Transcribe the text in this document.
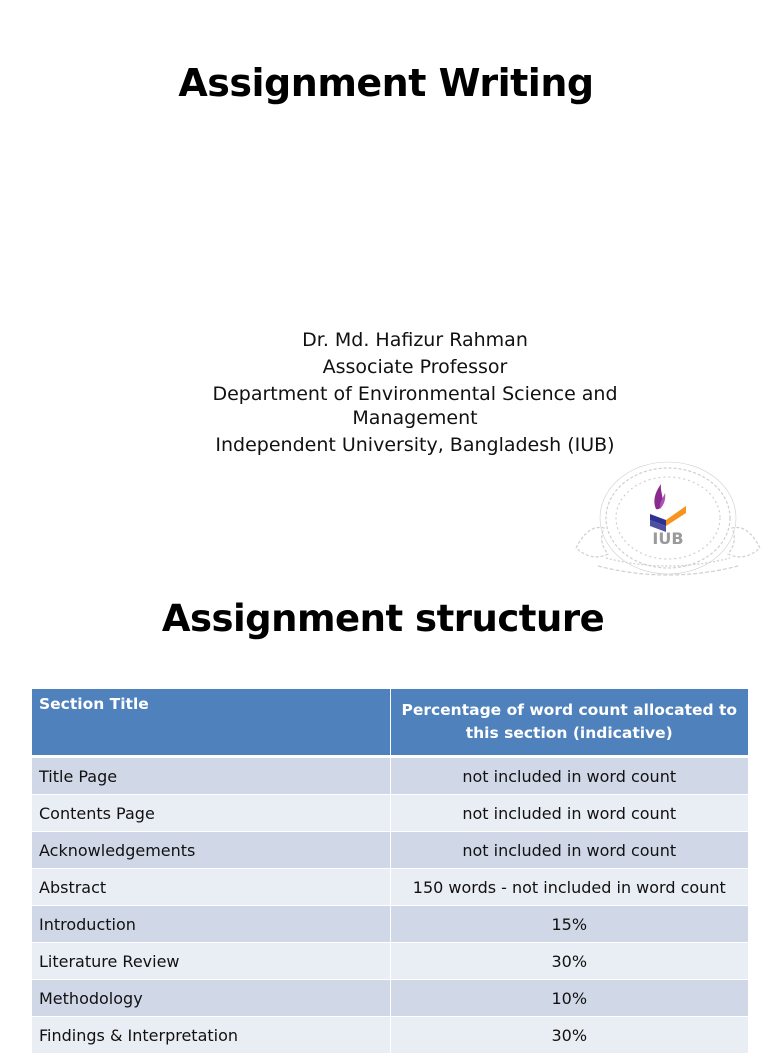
Assignment Writing
Dr. Md. Hafizur Rahman
Associate Professor
Department of Environmental Science and
Management
Independent University, Bangladesh (IUB)
IUB
Assignment structure
Section Title	Percentage of word count allocated to this section (indicative)
Title Page	not included in word count
Contents Page	not included in word count
Acknowledgements	not included in word count
Abstract	150 words - not included in word count
Introduction	15%
Literature Review	30%
Methodology	10%
Findings & Interpretation	30%
